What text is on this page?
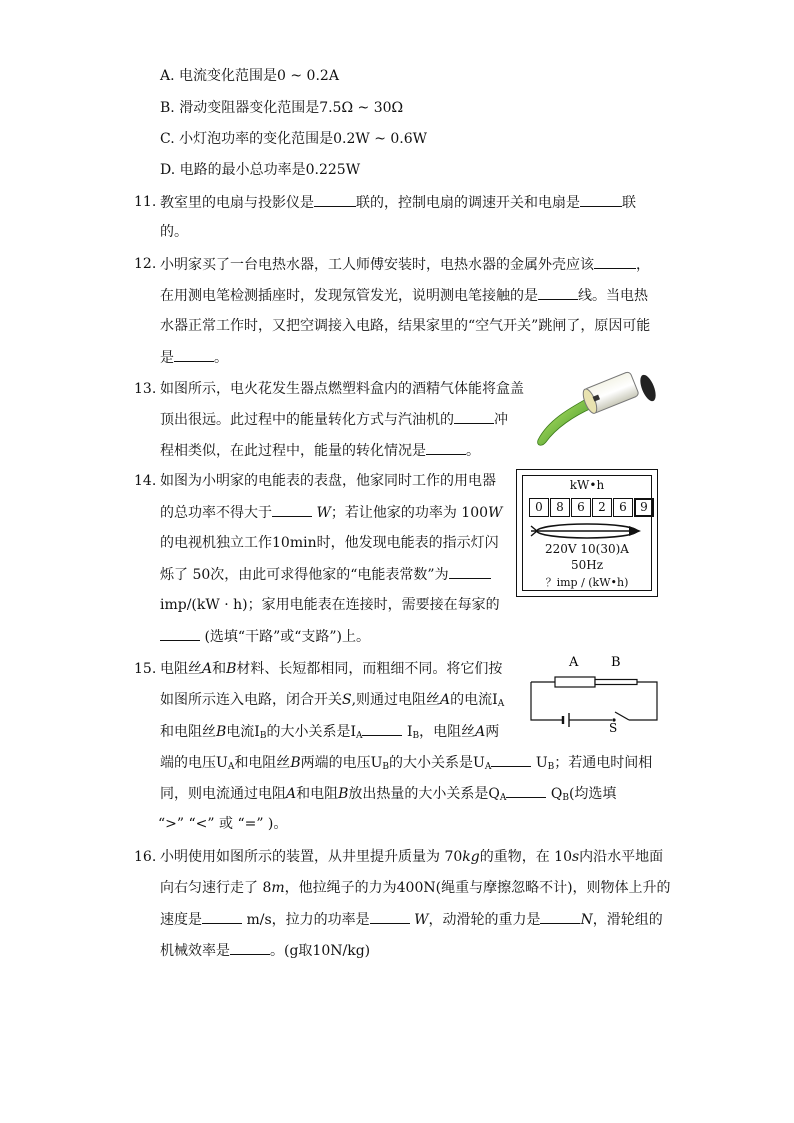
A. 电流变化范围是0 ~ 0.2A
B. 滑动变阻器变化范围是7.5Ω ~ 30Ω
C. 小灯泡功率的变化范围是0.2W ~ 0.6W
D. 电路的最小总功率是0.225W
11. 教室里的电扇与投影仪是	联的，控制电扇的调速开关和电扇是	联
的。
12. 小明家买了一台电热水器，工人师傅安装时，电热水器的金属外壳应该	，
在用测电笔检测插座时，发现氖管发光，说明测电笔接触的是	线。当电热
水器正常工作时，又把空调接入电路，结果家里的“空气开关”跳闸了，原因可能
是	。
13. 如图所示，电火花发生器点燃塑料盒内的酒精气体能将盒盖
顶出很远。此过程中的能量转化方式与汽油机的	冲
程相类似，在此过程中，能量的转化情况是	。
14. 如图为小明家的电能表的表盘，他家同时工作的用电器
的总功率不得大于	W；若让他家的功率为 100W
的电视机独立工作10min时，他发现电能表的指示灯闪
烁了 50次，由此可求得他家的“电能表常数”为
imp/(kW · h)；家用电能表在连接时，需要接在每家的
(选填“干路”或“支路”)上。
kW•h
0	8	6	2	6	9
220V 10(30)A
50Hz
？imp / (kW•h)
15. 电阻丝A和B材料、长短都相同，而粗细不同。将它们按
如图所示连入电路，闭合开关S,则通过电阻丝A的电流$I_A$
和电阻丝B电流$I_B$的大小关系是$I_A$	$I_B$，电阻丝A两
端的电压$U_A$和电阻丝B两端的电压$U_B$的大小关系是$U_A$	$U_B$；若通电时间相
同，则电流通过电阻A和电阻B放出热量的大小关系是$Q_A$	$Q_B$(均选填
“>” “<” 或 “=” )。
A	B
S
16. 小明使用如图所示的装置，从井里提升质量为 70kg的重物，在 10s内沿水平地面
向右匀速行走了 8m，他拉绳子的力为400N(绳重与摩擦忽略不计)，则物体上升的
速度是	m/s，拉力的功率是	W，动滑轮的重力是	N，滑轮组的
机械效率是	。(g取10N/kg)
